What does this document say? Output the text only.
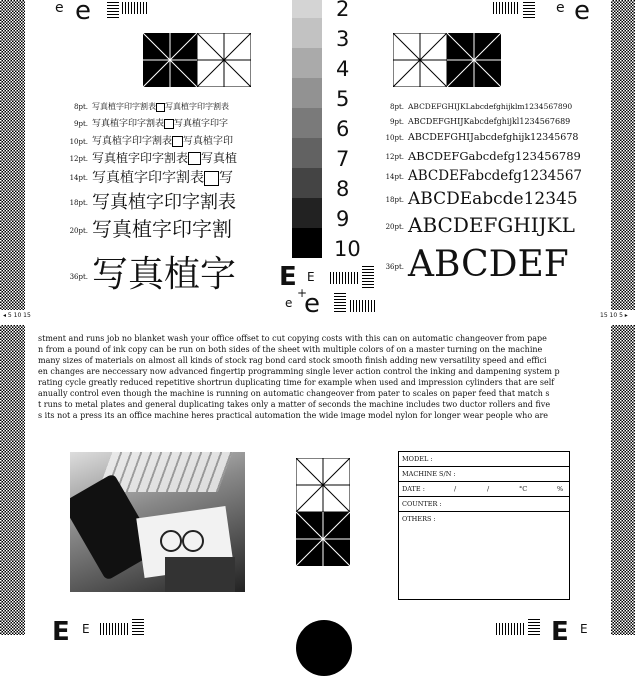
e e	e e
2
3
4
5
6
7
8
9
10
8pt. 写真植字印字割表 写真植字印字割表
9pt. 写真植字印字割表 写真植字印字
10pt. 写真植字印字割表 写真植字印
12pt. 写真植字印字割表 写真植
14pt. 写真植字印字割表 写
18pt. 写真植字印字割表
20pt. 写真植字印字割
36pt. 写真植字
8pt. ABCDEFGHIJKLabcdefghijklm1234567890
9pt. ABCDEFGHIJKabcdefghijkl1234567689
10pt. ABCDEFGHIJabcdefghijk12345678
12pt. ABCDEFGabcdefg123456789
14pt. ABCDEFabcdefg1234567
18pt. ABCDEabcde12345
20pt. ABCDEFGHIJKL
36pt. ABCDEF
E E
+
e e
◂ 5 10 15	15 10 5 ▸
stment and runs job no blanket wash your office offset to cut copying costs with this can on automatic changeover from pape
n from a pound of ink copy can be run on both sides of the sheet with multiple colors of on a master turning on the machine
many sizes of materials on almost all kinds of stock rag bond card stock smooth finish adding new versatility speed and effici
en changes are neccessary now advanced fingertip programming single lever action control the inking and dampening system p
rating cycle greatly reduced repetitive shortrun duplicating time for example when used and impression cylinders that are self
anually control even though the machine is running on automatic changeover from pater to scales on paper feed that match s
t runs to metal plates and general duplicating takes only a matter of seconds the machine includes two ductor rollers and five
s its not a press its an office machine heres practical automation the wide image model nylon for longer wear people who are
MODEL :
MACHINE S/N :
DATE :	/	/	°C	%
COUNTER :
OTHERS :
E E	E E
